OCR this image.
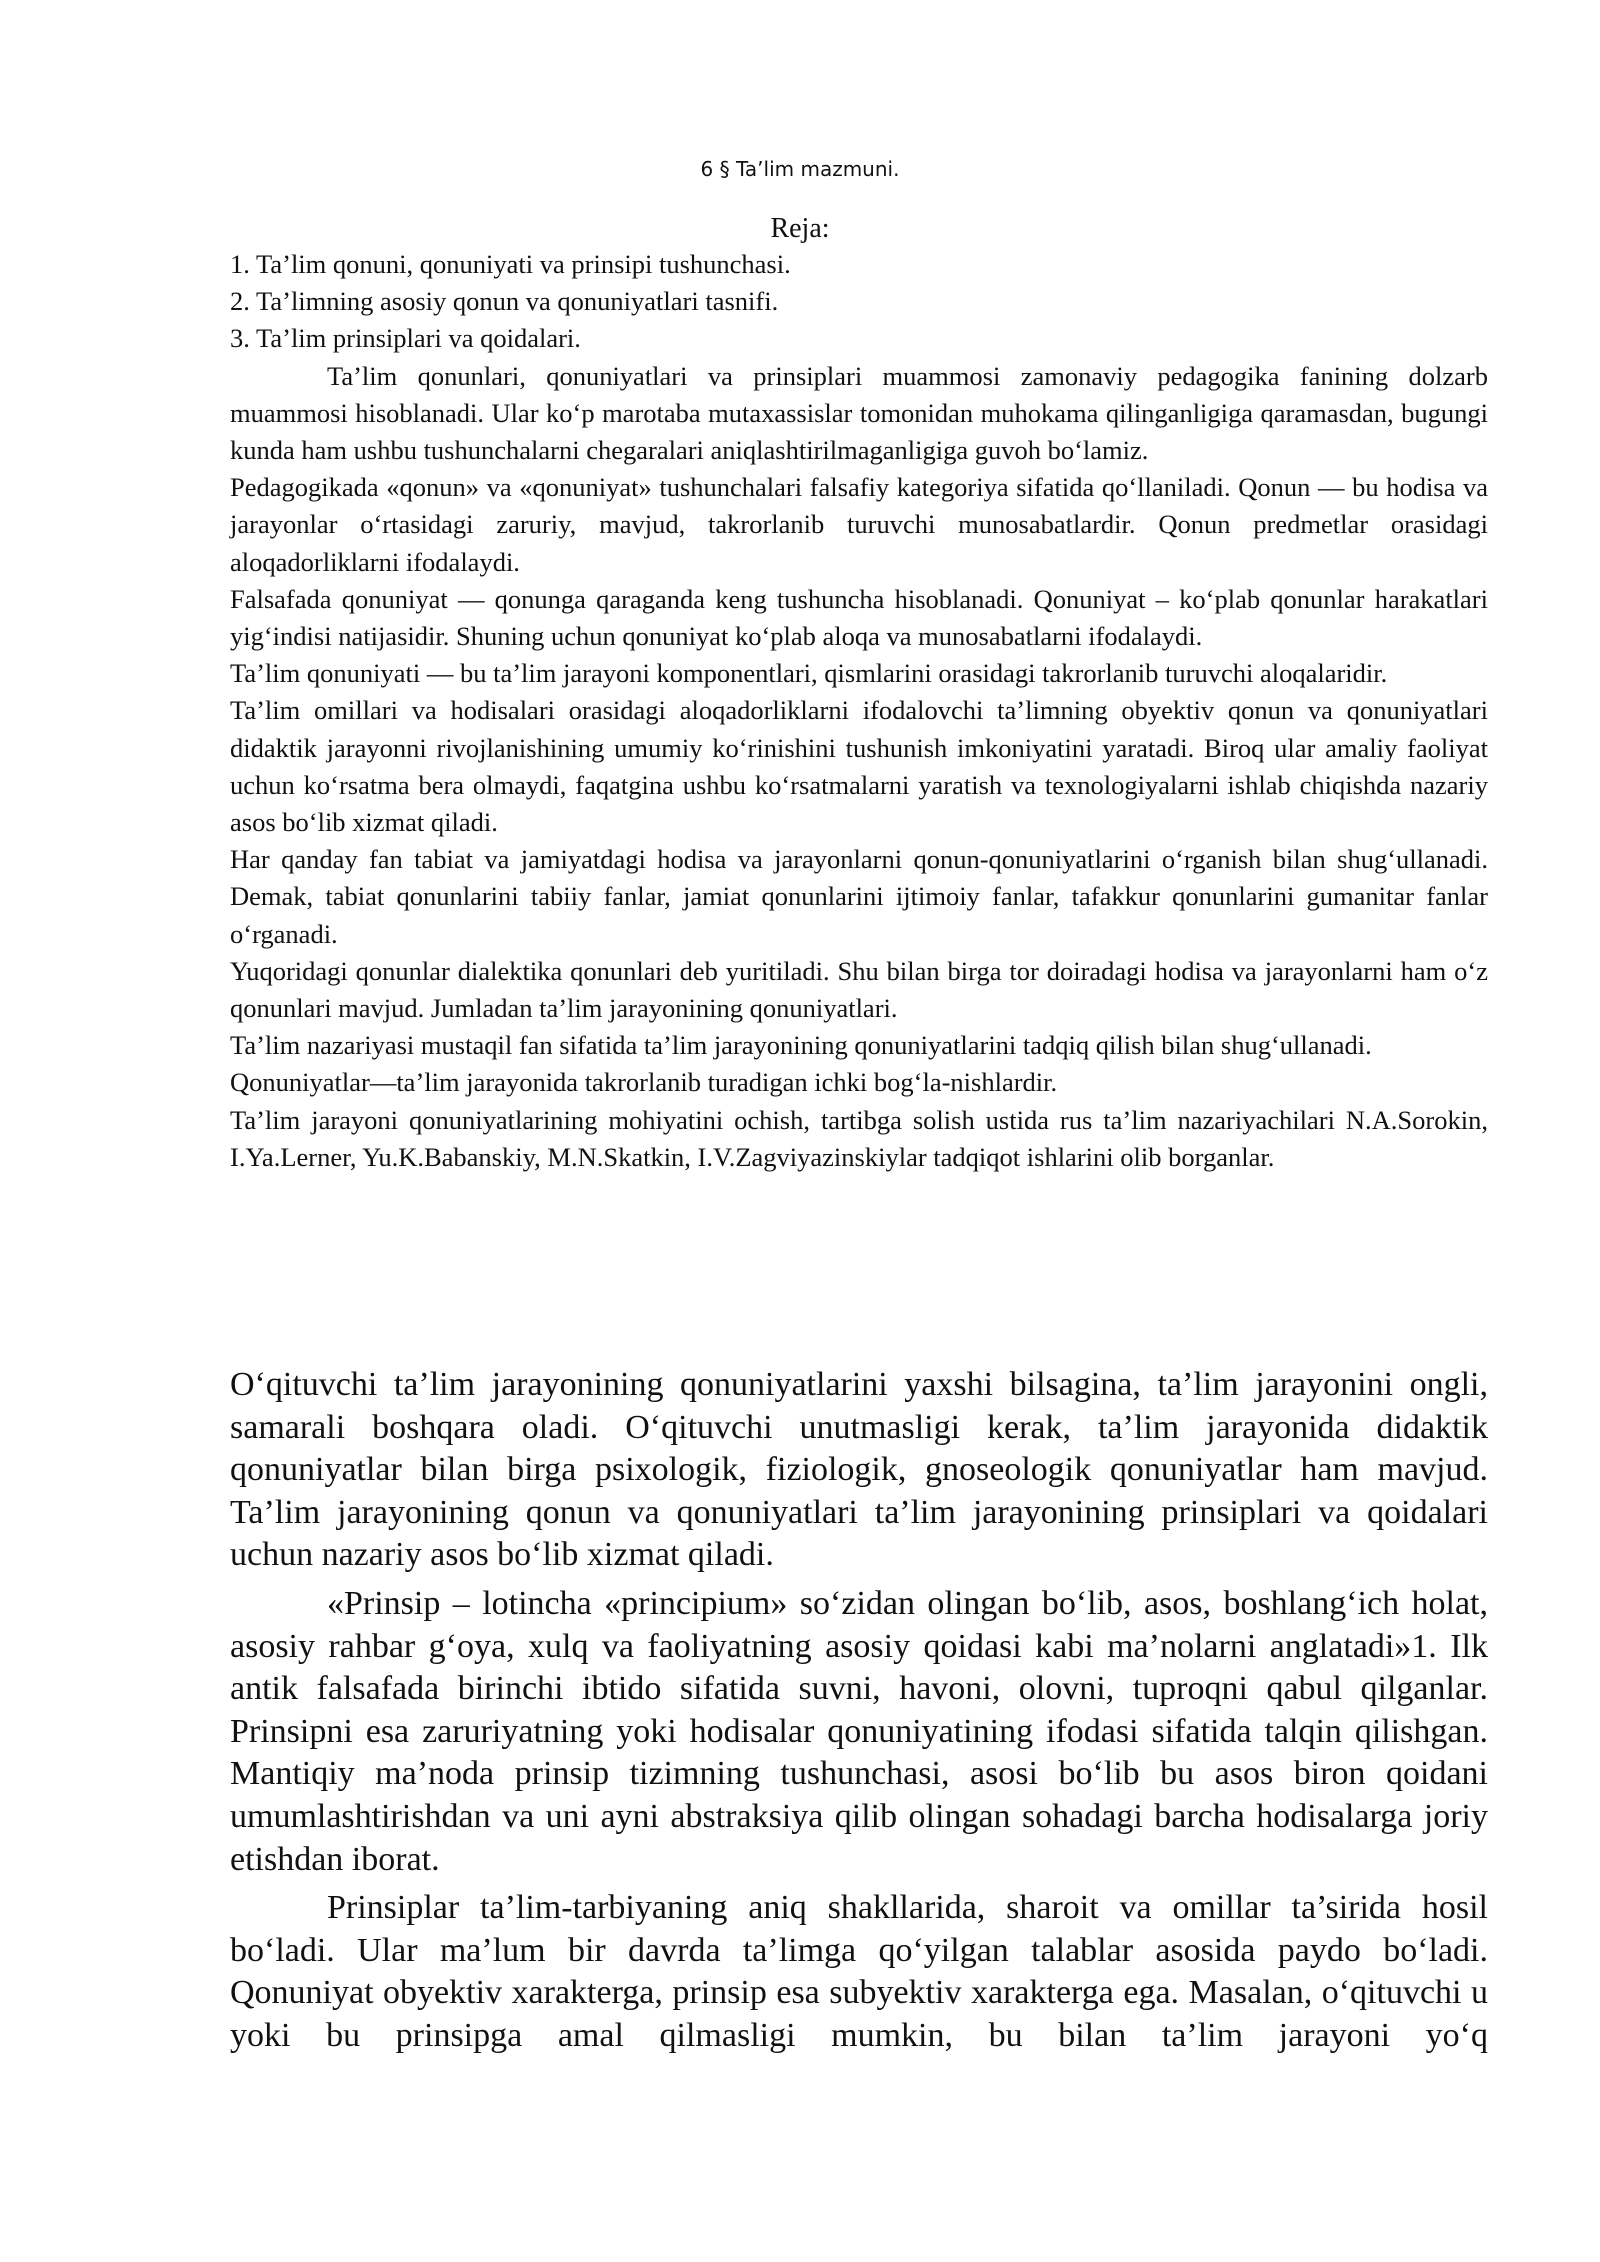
6 § Ta’lim mazmuni.
Reja:

1. Ta’lim qonuni, qonuniyati va prinsipi tushunchasi.

2. Ta’limning asosiy qonun va qonuniyatlari tasnifi.

3. Ta’lim prinsiplari va qoidalari.

Ta’lim qonunlari, qonuniyatlari va prinsiplari muammosi zamonaviy pedagogika fanining dolzarb muammosi hisoblanadi. Ular ko‘p marotaba mutaxassislar tomonidan muhokama qilinganligiga qaramasdan, bugungi kunda ham ushbu tushunchalarni chegaralari aniqlashtirilmaganligiga guvoh bo‘lamiz.

Pedagogikada «qonun» va «qonuniyat» tushunchalari falsafiy kategoriya sifatida qo‘llaniladi. Qonun — bu hodisa va jarayonlar o‘rtasidagi zaruriy, mavjud, takrorlanib turuvchi munosabatlardir. Qonun predmetlar orasidagi aloqadorliklarni ifodalaydi.

Falsafada qonuniyat — qonunga qaraganda keng tushuncha hisoblanadi. Qonuniyat – ko‘plab qonunlar harakatlari yig‘indisi natijasidir. Shuning uchun qonuniyat ko‘plab aloqa va munosabatlarni ifodalaydi.

Ta’lim qonuniyati — bu ta’lim jarayoni komponentlari, qismlarini orasidagi takrorlanib turuvchi aloqalaridir.

Ta’lim omillari va hodisalari orasidagi aloqadorliklarni ifodalovchi ta’limning obyektiv qonun va qonuniyatlari didaktik jarayonni rivojlanishining umumiy ko‘rinishini tushunish imkoniyatini yaratadi. Biroq ular amaliy faoliyat uchun ko‘rsatma bera olmaydi, faqatgina ushbu ko‘rsatmalarni yaratish va texnologiyalarni ishlab chiqishda nazariy asos bo‘lib xizmat qiladi.

Har qanday fan tabiat va jamiyatdagi hodisa va jarayonlarni qonun-qonuniyatlarini o‘rganish bilan shug‘ullanadi. Demak, tabiat qonunlarini tabiiy fanlar, jamiat qonunlarini ijtimoiy fanlar, tafakkur qonunlarini gumanitar fanlar o‘rganadi.

Yuqoridagi qonunlar dialektika qonunlari deb yuritiladi. Shu bilan birga tor doiradagi hodisa va jarayonlarni ham o‘z qonunlari mavjud. Jumladan ta’lim jarayonining qonuniyatlari.

Ta’lim nazariyasi mustaqil fan sifatida ta’lim jarayonining qonuniyatlarini tadqiq qilish bilan shug‘ullanadi.

Qonuniyatlar—ta’lim jarayonida takrorlanib turadigan ichki bog‘la-nishlardir.

Ta’lim jarayoni qonuniyatlarining mohiyatini ochish, tartibga solish ustida rus ta’lim nazariyachilari N.A.Sorokin, I.Ya.Lerner, Yu.K.Babanskiy, M.N.Skatkin, I.V.Zagviyazinskiylar tadqiqot ishlarini olib borganlar.

O‘qituvchi ta’lim jarayonining qonuniyatlarini yaxshi bilsagina, ta’lim jarayonini ongli, samarali boshqara oladi. O‘qituvchi unutmasligi kerak, ta’lim jarayonida didaktik qonuniyatlar bilan birga psixologik, fiziologik, gnoseologik qonuniyatlar ham mavjud. Ta’lim jarayonining qonun va qonuniyatlari ta’lim jarayonining prinsiplari va qoidalari uchun nazariy asos bo‘lib xizmat qiladi.

«Prinsip – lotincha «principium» so‘zidan olingan bo‘lib, asos, boshlang‘ich holat, asosiy rahbar g‘oya, xulq va faoliyatning asosiy qoidasi kabi ma’nolarni anglatadi»1. Ilk antik falsafada birinchi ibtido sifatida suvni, havoni, olovni, tuproqni qabul qilganlar. Prinsipni esa zaruriyatning yoki hodisalar qonuniyatining ifodasi sifatida talqin qilishgan. Mantiqiy ma’noda prinsip tizimning tushunchasi, asosi bo‘lib bu asos biron qoidani umumlashtirishdan va uni ayni abstraksiya qilib olingan sohadagi barcha hodisalarga joriy etishdan iborat.

Prinsiplar ta’lim-tarbiyaning aniq shakllarida, sharoit va omillar ta’sirida hosil bo‘ladi. Ular ma’lum bir davrda ta’limga qo‘yilgan talablar asosida paydo bo‘ladi. Qonuniyat obyektiv xarakterga, prinsip esa subyektiv xarakterga ega. Masalan, o‘qituvchi u yoki bu prinsipga amal qilmasligi mumkin, bu bilan ta’lim jarayoni yo‘q
